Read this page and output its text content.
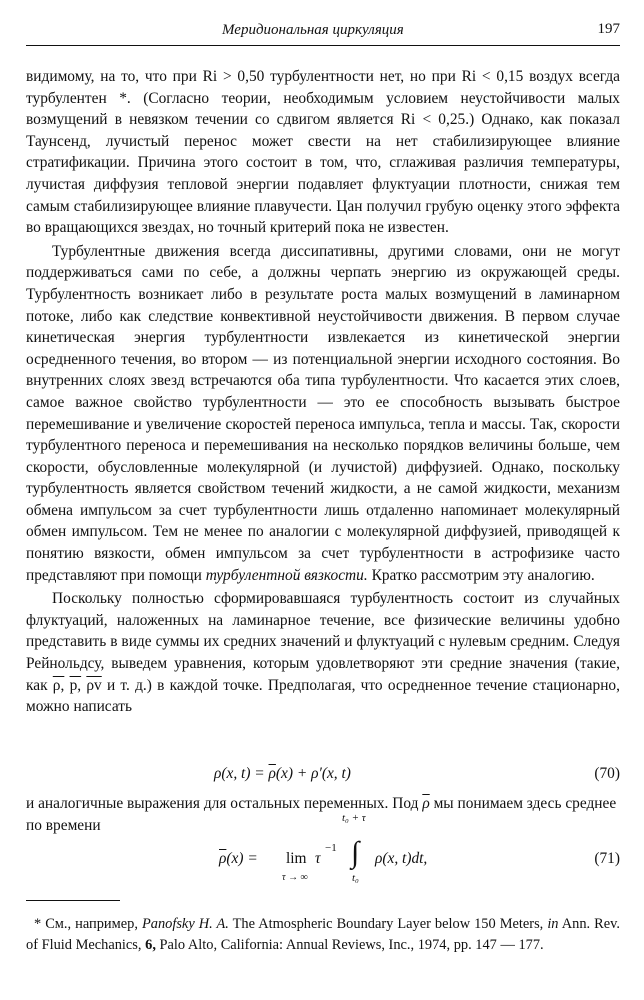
Меридиональная циркуляция	197

видимому, на то, что при Ri > 0,50 турбулентности нет, но при Ri < 0,15 воздух всегда турбулентен *. (Согласно теории, необходимым условием неустойчивости малых возмущений в невязком течении со сдвигом является Ri < 0,25.) Однако, как показал Таунсенд, лучистый перенос может свести на нет стабилизирующее влияние стратификации. Причина этого состоит в том, что, сглаживая различия температуры, лучистая диффузия тепловой энергии подавляет флуктуации плотности, снижая тем самым стабилизирующее влияние плавучести. Цан получил грубую оценку этого эффекта во вращающихся звездах, но точный критерий пока не известен.

Турбулентные движения всегда диссипативны, другими словами, они не могут поддерживаться сами по себе, а должны черпать энергию из окружающей среды. Турбулентность возникает либо в результате роста малых возмущений в ламинарном потоке, либо как следствие конвективной неустойчивости движения. В первом случае кинетическая энергия турбулентности извлекается из кинетической энергии осредненного течения, во втором — из потенциальной энергии исходного состояния. Во внутренних слоях звезд встречаются оба типа турбулентности. Что касается этих слоев, самое важное свойство турбулентности — это ее способность вызывать быстрое перемешивание и увеличение скоростей переноса импульса, тепла и массы. Так, скорости турбулентного переноса и перемешивания на несколько порядков величины больше, чем скорости, обусловленные молекулярной (и лучистой) диффузией. Однако, поскольку турбулентность является свойством течений жидкости, а не самой жидкости, механизм обмена импульсом за счет турбулентности лишь отдаленно напоминает молекулярный обмен импульсом. Тем не менее по аналогии с молекулярной диффузией, приводящей к понятию вязкости, обмен импульсом за счет турбулентности в астрофизике часто представляют при помощи турбулентной вязкости. Кратко рассмотрим эту аналогию.

Поскольку полностью сформировавшаяся турбулентность состоит из случайных флуктуаций, наложенных на ламинарное течение, все физические величины удобно представить в виде суммы их средних значений и флуктуаций с нулевым средним. Следуя Рейнольдсу, выведем уравнения, которым удовлетворяют эти средние значения (такие, как ρ, p, $\overline{\rho v}$ и т. д.) в каждой точке. Предполагая, что осредненное течение стационарно, можно написать

ρ(x, $t) = \overline{\rho}(x) + \rho'(x$, t)	(70)
и аналогичные выражения для остальных переменных. Под $\overline{\rho}$ мы понимаем здесь среднее по времени
$\overline{\rho}(x) = \lim$
τ → ∞
τ
−1
t₀ + τ
∫
t₀
ρ(x, t)dt,	(71)

* См., например, Panofsky H. A. The Atmospheric Boundary Layer below 150 Meters, in Ann. Rev. of Fluid Mechanics, 6, Palo Alto, California: Annual Reviews, Inc., 1974, pp. 147 — 177.
